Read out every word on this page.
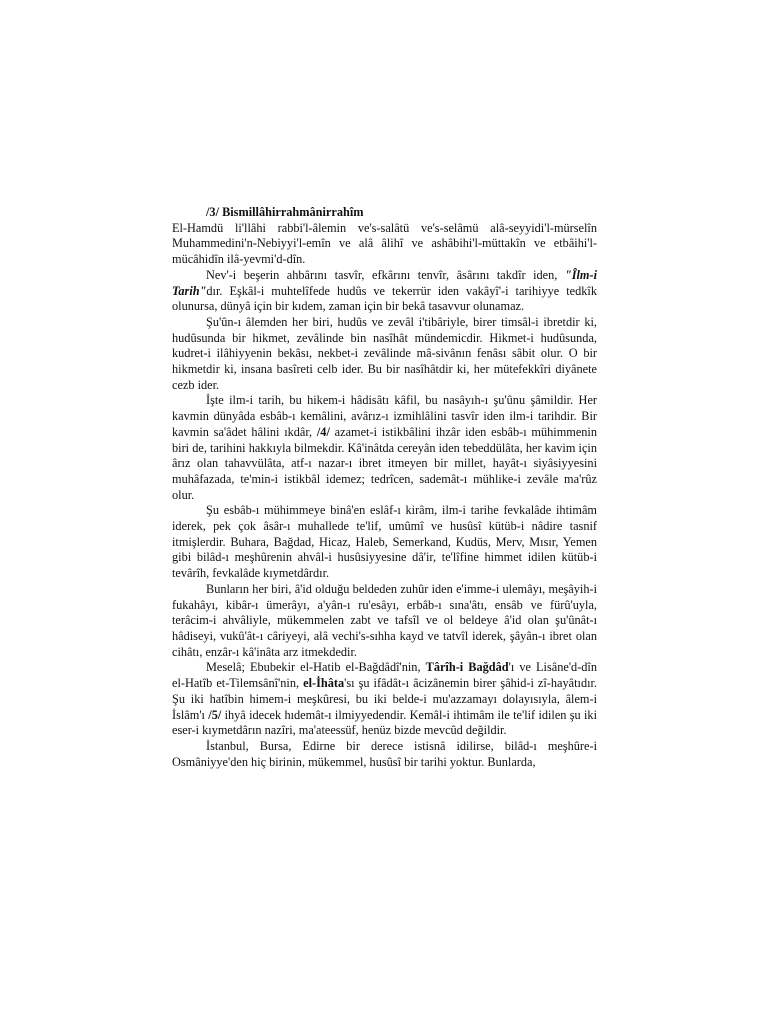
/3/ Bismillâhirrahmânirrahîm

El-Hamdü li'llâhi rabbi'l-âlemin ve's-salâtü ve's-selâmü alâ-seyyidi'l-mürselîn Muhammedini'n-Nebiyyi'l-emîn ve alâ âlihî ve ashâbihi'l-müttakîn ve etbâihi'l-mücâhidîn ilâ-yevmi'd-dîn.

Nev'-i beşerin ahbârını tasvîr, efkârını tenvîr, âsârını takdîr iden, "Îlm-i Tarih"dır. Eşkâl-i muhtelîfede hudûs ve tekerrür iden vakâyî'-i tarihiyye tedkîk olunursa, dünyâ için bir kıdem, zaman için bir bekâ tasavvur olunamaz.

Şu'ûn-ı âlemden her biri, hudûs ve zevâl i'tibâriyle, birer timsâl-i ibretdir ki, hudûsunda bir hikmet, zevâlinde bin nasîhât mündemicdir. Hikmet-i hudûsunda, kudret-i ilâhiyyenin bekâsı, nekbet-i zevâlinde mâ-sivânın fenâsı sâbit olur. O bir hikmetdir ki, insana basîreti celb ider. Bu bir nasîhâtdir ki, her mütefekkîri diyânete cezb ider.

İşte ilm-i tarih, bu hikem-i hâdisâtı kâfil, bu nasâyıh-ı şu'ûnu şâmildir. Her kavmin dünyâda esbâb-ı kemâlini, avârız-ı izmihlâlini tasvîr iden ilm-i tarihdir. Bir kavmin sa'âdet hâlini ıkdâr, /4/ azamet-i istikbâlini ihzâr iden esbâb-ı mühimmenin biri de, tarihini hakkıyla bilmekdir. Kâ'inâtda cereyân iden tebeddülâta, her kavim için ârız olan tahavvülâta, atf-ı nazar-ı ibret itmeyen bir millet, hayât-ı siyâsiyyesini muhâfazada, te'min-i istikbâl idemez; tedrîcen, sademât-ı mühlike-i zevâle ma'rûz olur.

Şu esbâb-ı mühimmeye binâ'en eslâf-ı kirâm, ilm-i tarihe fevkalâde ihtimâm iderek, pek çok âsâr-ı muhallede te'lif, umûmî ve husûsî kütüb-i nâdire tasnif itmişlerdir. Buhara, Bağdad, Hicaz, Haleb, Semerkand, Kudüs, Merv, Mısır, Yemen gibi bilâd-ı meşhûrenin ahvâl-i husûsiyyesine dâ'ir, te'lîfine himmet idilen kütüb-i tevârîh, fevkalâde kıymetdârdır.

Bunların her biri, â'id olduğu beldeden zuhûr iden e'imme-i ulemâyı, meşâyih-i fukahâyı, kibâr-ı ümerâyı, a'yân-ı ru'esâyı, erbâb-ı sına'âtı, ensâb ve fürû'uyla, terâcim-i ahvâliyle, mükemmelen zabt ve tafsîl ve ol beldeye â'id olan şu'ûnât-ı hâdiseyi, vukû'ât-ı câriyeyi, alâ vechi's-sıhha kayd ve tatvîl iderek, şâyân-ı ibret olan cihâtı, enzâr-ı kâ'inâta arz itmekdedir.

Meselâ; Ebubekir el-Hatib el-Bağdâdî'nin, Târîh-i Bağdâd'ı ve Lisâne'd-dîn el-Hatîb et-Tilemsânî'nin, el-İhâta'sı şu ifâdât-ı âcizânemin birer şâhid-i zî-hayâtıdır. Şu iki hatîbin himem-i meşkûresi, bu iki belde-i mu'azzamayı dolayısıyla, âlem-i İslâm'ı /5/ ihyâ idecek hıdemât-ı ilmiyyedendir. Kemâl-i ihtimâm ile te'lif idilen şu iki eser-i kıymetdârın nazîri, ma'ateessüf, henüz bizde mevcûd değildir.

İstanbul, Bursa, Edirne bir derece istisnâ idilirse, bilâd-ı meşhûre-i Osmâniyye'den hiç birinin, mükemmel, husûsî bir tarihi yoktur. Bunlarda,
